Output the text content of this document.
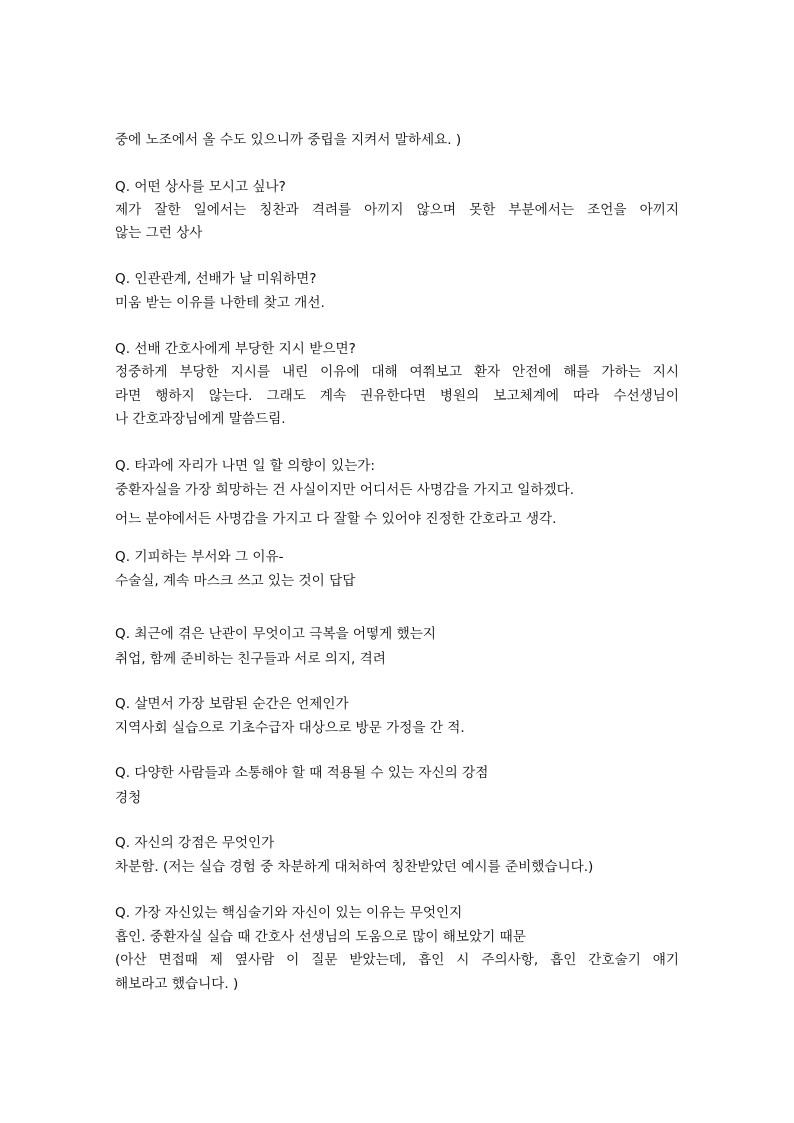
중에 노조에서 올 수도 있으니까 중립을 지켜서 말하세요. )
Q. 어떤 상사를 모시고 싶나?
제가 잘한 일에서는 칭찬과 격려를 아끼지 않으며 못한 부분에서는 조언을 아끼지
않는 그런 상사
Q. 인관관계, 선배가 날 미워하면?
미움 받는 이유를 나한테 찾고 개선.
Q. 선배 간호사에게 부당한 지시 받으면?
정중하게 부당한 지시를 내린 이유에 대해 여쭤보고 환자 안전에 해를 가하는 지시
라면 행하지 않는다. 그래도 계속 권유한다면 병원의 보고체계에 따라 수선생님이
나 간호과장님에게 말씀드림.
Q. 타과에 자리가 나면 일 할 의향이 있는가:
중환자실을 가장 희망하는 건 사실이지만 어디서든 사명감을 가지고 일하겠다.
어느 분야에서든 사명감을 가지고 다 잘할 수 있어야 진정한 간호라고 생각.
Q. 기피하는 부서와 그 이유-
수술실, 계속 마스크 쓰고 있는 것이 답답
Q. 최근에 겪은 난관이 무엇이고 극복을 어떻게 했는지
취업, 함께 준비하는 친구들과 서로 의지, 격려
Q. 살면서 가장 보람된 순간은 언제인가
지역사회 실습으로 기초수급자 대상으로 방문 가정을 간 적.
Q. 다양한 사람들과 소통해야 할 때 적용될 수 있는 자신의 강점
경청
Q. 자신의 강점은 무엇인가
차분함. (저는 실습 경험 중 차분하게 대처하여 칭찬받았던 예시를 준비했습니다.)
Q. 가장 자신있는 핵심술기와 자신이 있는 이유는 무엇인지
흡인. 중환자실 실습 때 간호사 선생님의 도움으로 많이 해보았기 때문
(아산 면접때 제 옆사람 이 질문 받았는데, 흡인 시 주의사항, 흡인 간호술기 얘기
해보라고 했습니다. )
